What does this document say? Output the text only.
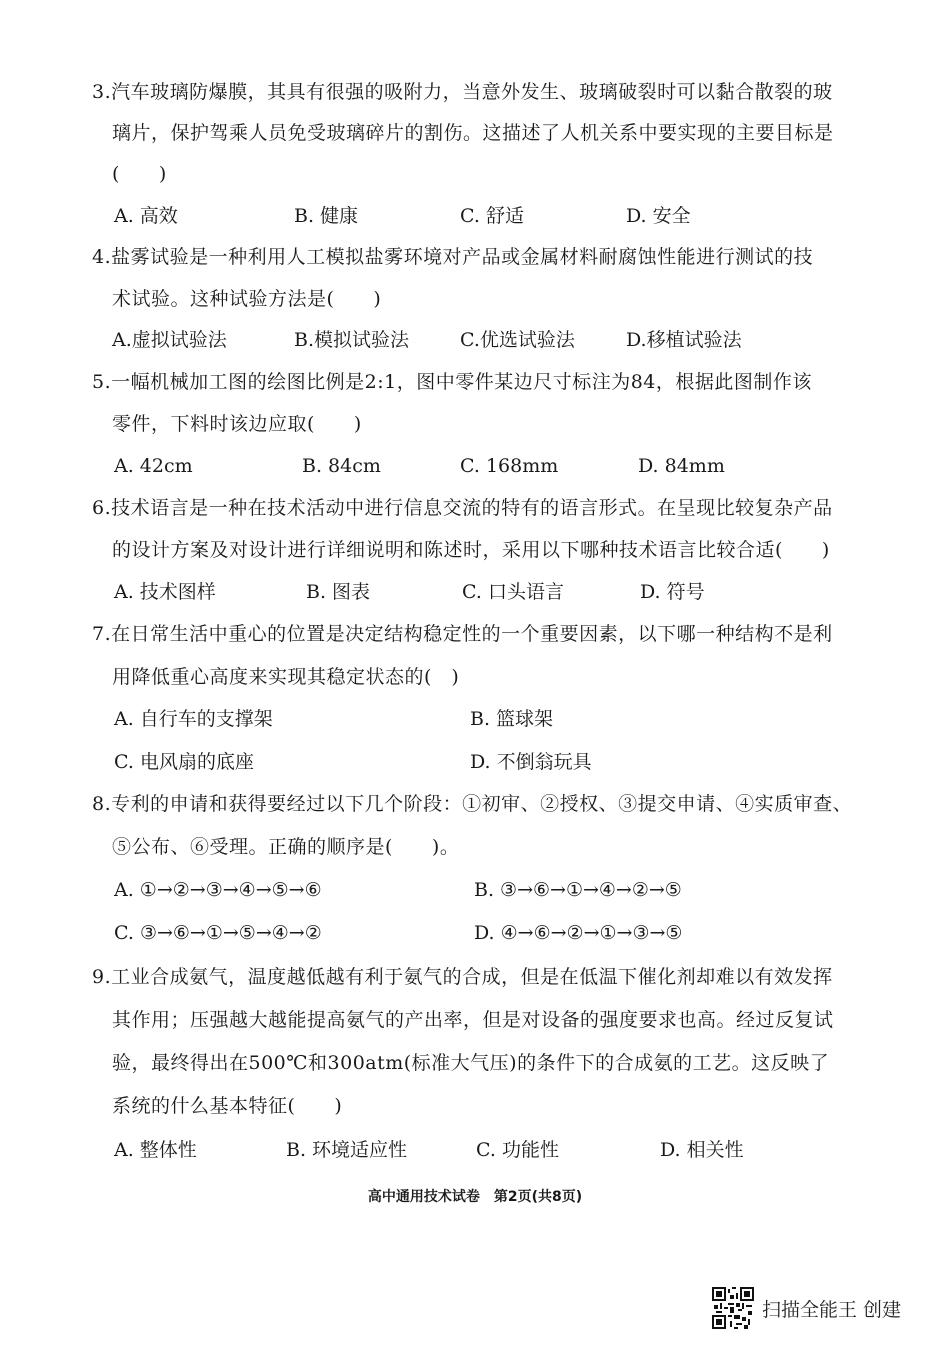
3.汽车玻璃防爆膜，其具有很强的吸附力，当意外发生、玻璃破裂时可以黏合散裂的玻
璃片，保护驾乘人员免受玻璃碎片的割伤。这描述了人机关系中要实现的主要目标是
(　　)
A. 高效	B. 健康	C. 舒适	D. 安全
4.盐雾试验是一种利用人工模拟盐雾环境对产品或金属材料耐腐蚀性能进行测试的技
术试验。这种试验方法是(　　)
A.虚拟试验法	B.模拟试验法	C.优选试验法	D.移植试验法
5.一幅机械加工图的绘图比例是2:1，图中零件某边尺寸标注为84，根据此图制作该
零件，下料时该边应取(　　)
A. 42cm	B. 84cm	C. 168mm	D. 84mm
6.技术语言是一种在技术活动中进行信息交流的特有的语言形式。在呈现比较复杂产品
的设计方案及对设计进行详细说明和陈述时，采用以下哪种技术语言比较合适(　　)
A. 技术图样	B. 图表	C. 口头语言	D. 符号
7.在日常生活中重心的位置是决定结构稳定性的一个重要因素，以下哪一种结构不是利
用降低重心高度来实现其稳定状态的(　)
A. 自行车的支撑架	B. 篮球架
C. 电风扇的底座	D. 不倒翁玩具
8.专利的申请和获得要经过以下几个阶段：①初审、②授权、③提交申请、④实质审查、
⑤公布、⑥受理。正确的顺序是(　　)。
A. ①→②→③→④→⑤→⑥	B. ③→⑥→①→④→②→⑤
C. ③→⑥→①→⑤→④→②	D. ④→⑥→②→①→③→⑤
9.工业合成氨气，温度越低越有利于氨气的合成，但是在低温下催化剂却难以有效发挥
其作用；压强越大越能提高氨气的产出率，但是对设备的强度要求也高。经过反复试
验，最终得出在500℃和300atm(标准大气压)的条件下的合成氨的工艺。这反映了
系统的什么基本特征(　　)
A. 整体性	B. 环境适应性	C. 功能性	D. 相关性
高中通用技术试卷　第2页(共8页)
扫描全能王 创建
